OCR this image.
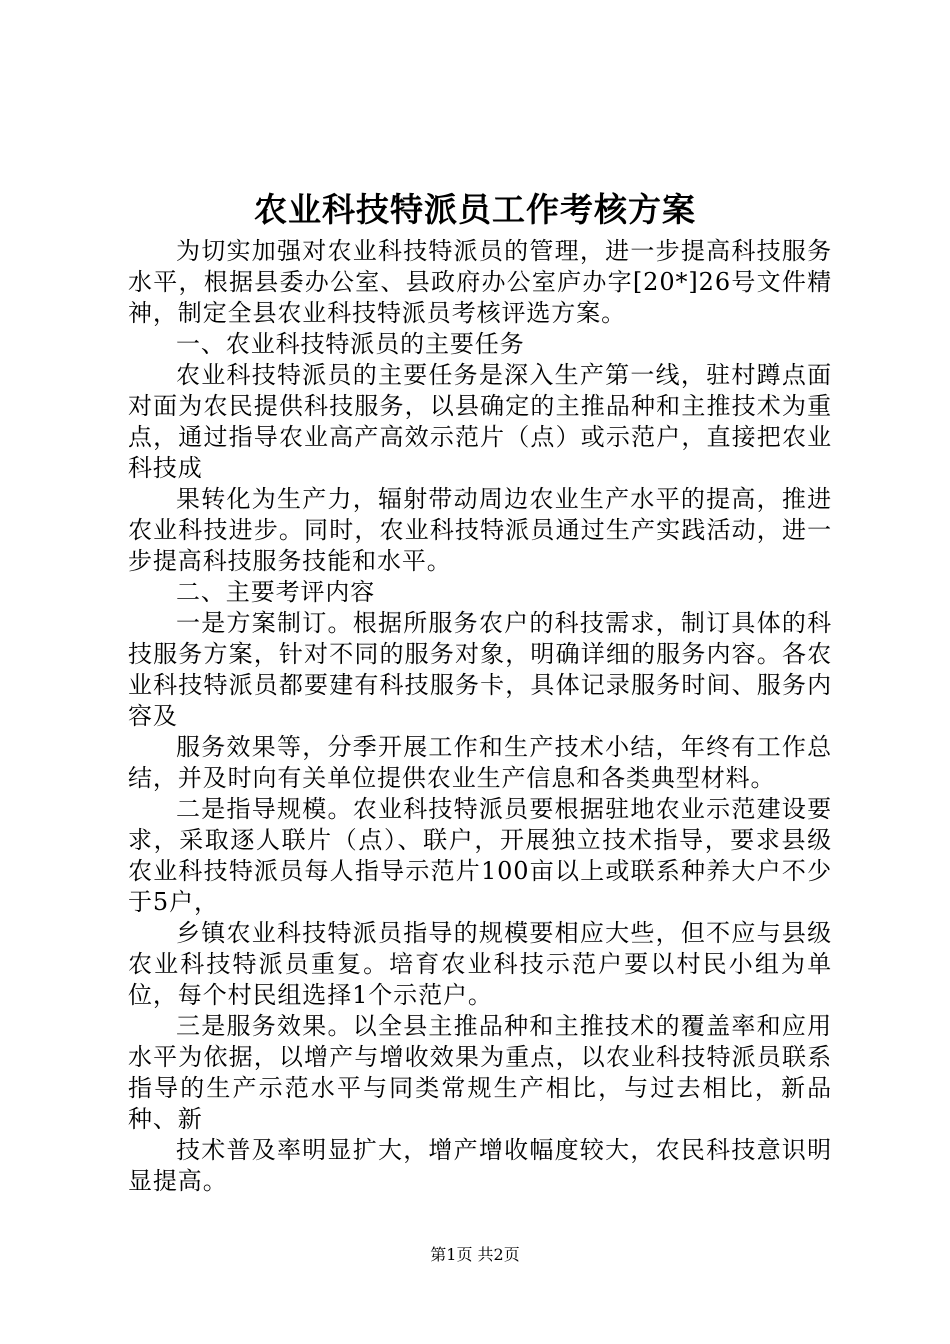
农业科技特派员工作考核方案

为切实加强对农业科技特派员的管理，进一步提高科技服务水平，根据县委办公室、县政府办公室庐办字[20*]26号文件精神，制定全县农业科技特派员考核评选方案。

一、农业科技特派员的主要任务

农业科技特派员的主要任务是深入生产第一线，驻村蹲点面对面为农民提供科技服务，以县确定的主推品种和主推技术为重点，通过指导农业高产高效示范片（点）或示范户，直接把农业科技成

果转化为生产力，辐射带动周边农业生产水平的提高，推进农业科技进步。同时，农业科技特派员通过生产实践活动，进一步提高科技服务技能和水平。

二、主要考评内容

一是方案制订。根据所服务农户的科技需求，制订具体的科技服务方案，针对不同的服务对象，明确详细的服务内容。各农业科技特派员都要建有科技服务卡，具体记录服务时间、服务内容及

服务效果等，分季开展工作和生产技术小结，年终有工作总结，并及时向有关单位提供农业生产信息和各类典型材料。

二是指导规模。农业科技特派员要根据驻地农业示范建设要求，采取逐人联片（点）、联户，开展独立技术指导，要求县级农业科技特派员每人指导示范片100亩以上或联系种养大户不少于5户，

乡镇农业科技特派员指导的规模要相应大些，但不应与县级农业科技特派员重复。培育农业科技示范户要以村民小组为单位，每个村民组选择1个示范户。

三是服务效果。以全县主推品种和主推技术的覆盖率和应用水平为依据，以增产与增收效果为重点，以农业科技特派员联系指导的生产示范水平与同类常规生产相比，与过去相比，新品种、新

技术普及率明显扩大，增产增收幅度较大，农民科技意识明显提高。

第1页 共2页
